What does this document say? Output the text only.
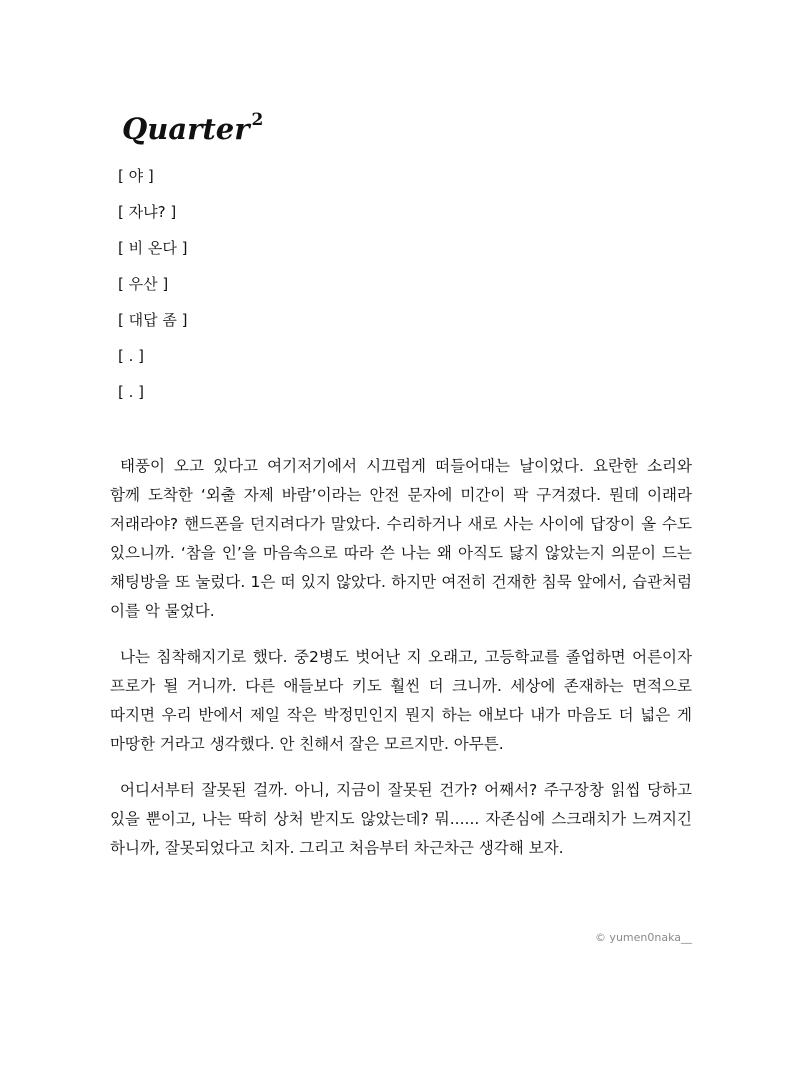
Quarter $^2$
[ 야 ]
[ 자냐? ]
[ 비 온다 ]
[ 우산 ]
[ 대답 좀 ]
[ . ]
[ . ]

태풍이 오고 있다고 여기저기에서 시끄럽게 떠들어대는 날이었다. 요란한 소리와 함께 도착한 ‘외출 자제 바람’이라는 안전 문자에 미간이 팍 구겨졌다. 뭔데 이래라 저래라야? 핸드폰을 던지려다가 말았다. 수리하거나 새로 사는 사이에 답장이 올 수도 있으니까. ‘참을 인’을 마음속으로 따라 쓴 나는 왜 아직도 닳지 않았는지 의문이 드는 채팅방을 또 눌렀다. 1은 떠 있지 않았다. 하지만 여전히 건재한 침묵 앞에서, 습관처럼 이를 악 물었다.

나는 침착해지기로 했다. 중2병도 벗어난 지 오래고, 고등학교를 졸업하면 어른이자 프로가 될 거니까. 다른 애들보다 키도 훨씬 더 크니까. 세상에 존재하는 면적으로 따지면 우리 반에서 제일 작은 박정민인지 뭔지 하는 애보다 내가 마음도 더 넓은 게 마땅한 거라고 생각했다. 안 친해서 잘은 모르지만. 아무튼.

어디서부터 잘못된 걸까. 아니, 지금이 잘못된 건가? 어째서? 주구장창 읽씹 당하고 있을 뿐이고, 나는 딱히 상처 받지도 않았는데? 뭐...... 자존심에 스크래치가 느껴지긴 하니까, 잘못되었다고 치자. 그리고 처음부터 차근차근 생각해 보자.

© yumen0naka__
